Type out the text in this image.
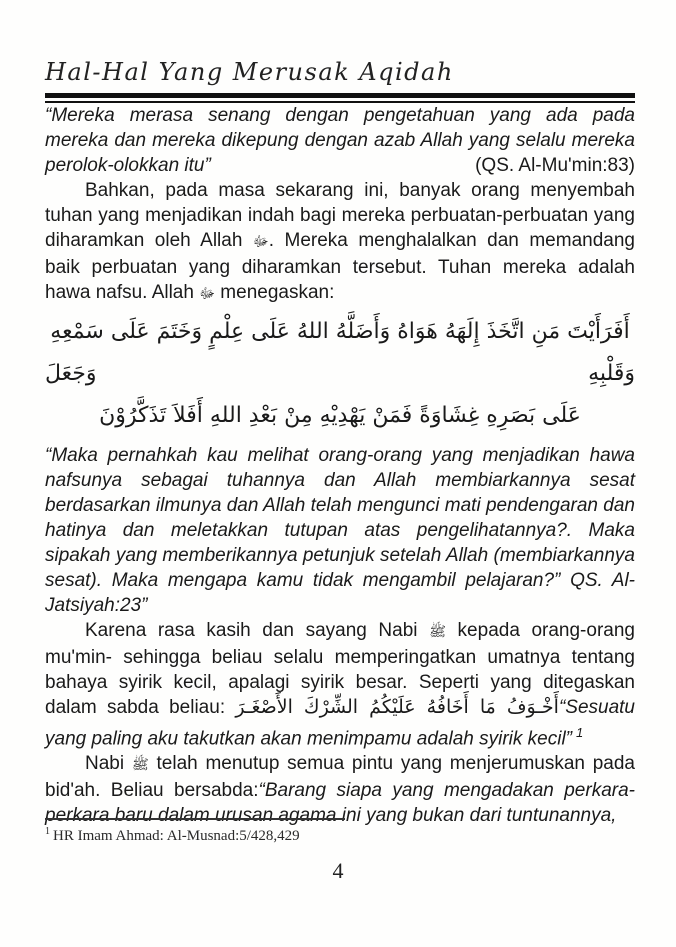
Hal-Hal Yang Merusak Aqidah

“Mereka merasa senang dengan pengetahuan yang ada pada mereka dan mereka dikepung dengan azab Allah yang selalu mereka perolok-olokkan itu”	(QS. Al-Mu'min:83)

Bahkan, pada masa sekarang ini, banyak orang menyembah tuhan yang menjadikan indah bagi mereka perbuatan-perbuatan yang diharamkan oleh Allah ﷻ. Mereka menghalalkan dan memandang baik perbuatan yang diharamkan tersebut. Tuhan mereka adalah hawa nafsu. Allah ﷻ menegaskan:

أَفَرَأَيْتَ مَنِ اتَّخَذَ إِلَهَهُ هَوَاهُ وَأَضَلَّهُ اللهُ عَلَى عِلْمٍ وَخَتَمَ عَلَى سَمْعِهِ وَقَلْبِهِ وَجَعَلَ
عَلَى بَصَرِهِ غِشَاوَةً فَمَنْ يَهْدِيْهِ مِنْ بَعْدِ اللهِ أَفَلاَ تَذَكَّرُوْنَ

“Maka pernahkah kau melihat orang-orang yang menjadikan hawa nafsunya sebagai tuhannya dan Allah membiarkannya sesat berdasarkan ilmunya dan Allah telah mengunci mati pendengaran dan hatinya dan meletakkan tutupan atas pengelihatannya?. Maka sipakah yang memberikannya petunjuk setelah Allah (membiarkannya sesat). Maka mengapa kamu tidak mengambil pelajaran?” QS. Al-Jatsiyah:23”

Karena rasa kasih dan sayang Nabi ﷺ kepada orang-orang mu'min- sehingga beliau selalu memperingatkan umatnya tentang bahaya syirik kecil, apalagi syirik besar. Seperti yang ditegaskan dalam sabda beliau: أَخْـوَفُ مَا أَخَافُهُ عَلَيْكُمُ الشِّرْكَ الأَصْغَـرَ“Sesuatu yang paling aku takutkan akan menimpamu adalah syirik kecil” $^1$

Nabi ﷺ telah menutup semua pintu yang menjerumuskan pada bid'ah. Beliau bersabda:“Barang siapa yang mengadakan perkara-perkara baru dalam urusan agama ini yang bukan dari tuntunannya,

$^1$ HR Imam Ahmad: Al-Musnad:5/428,429
4
